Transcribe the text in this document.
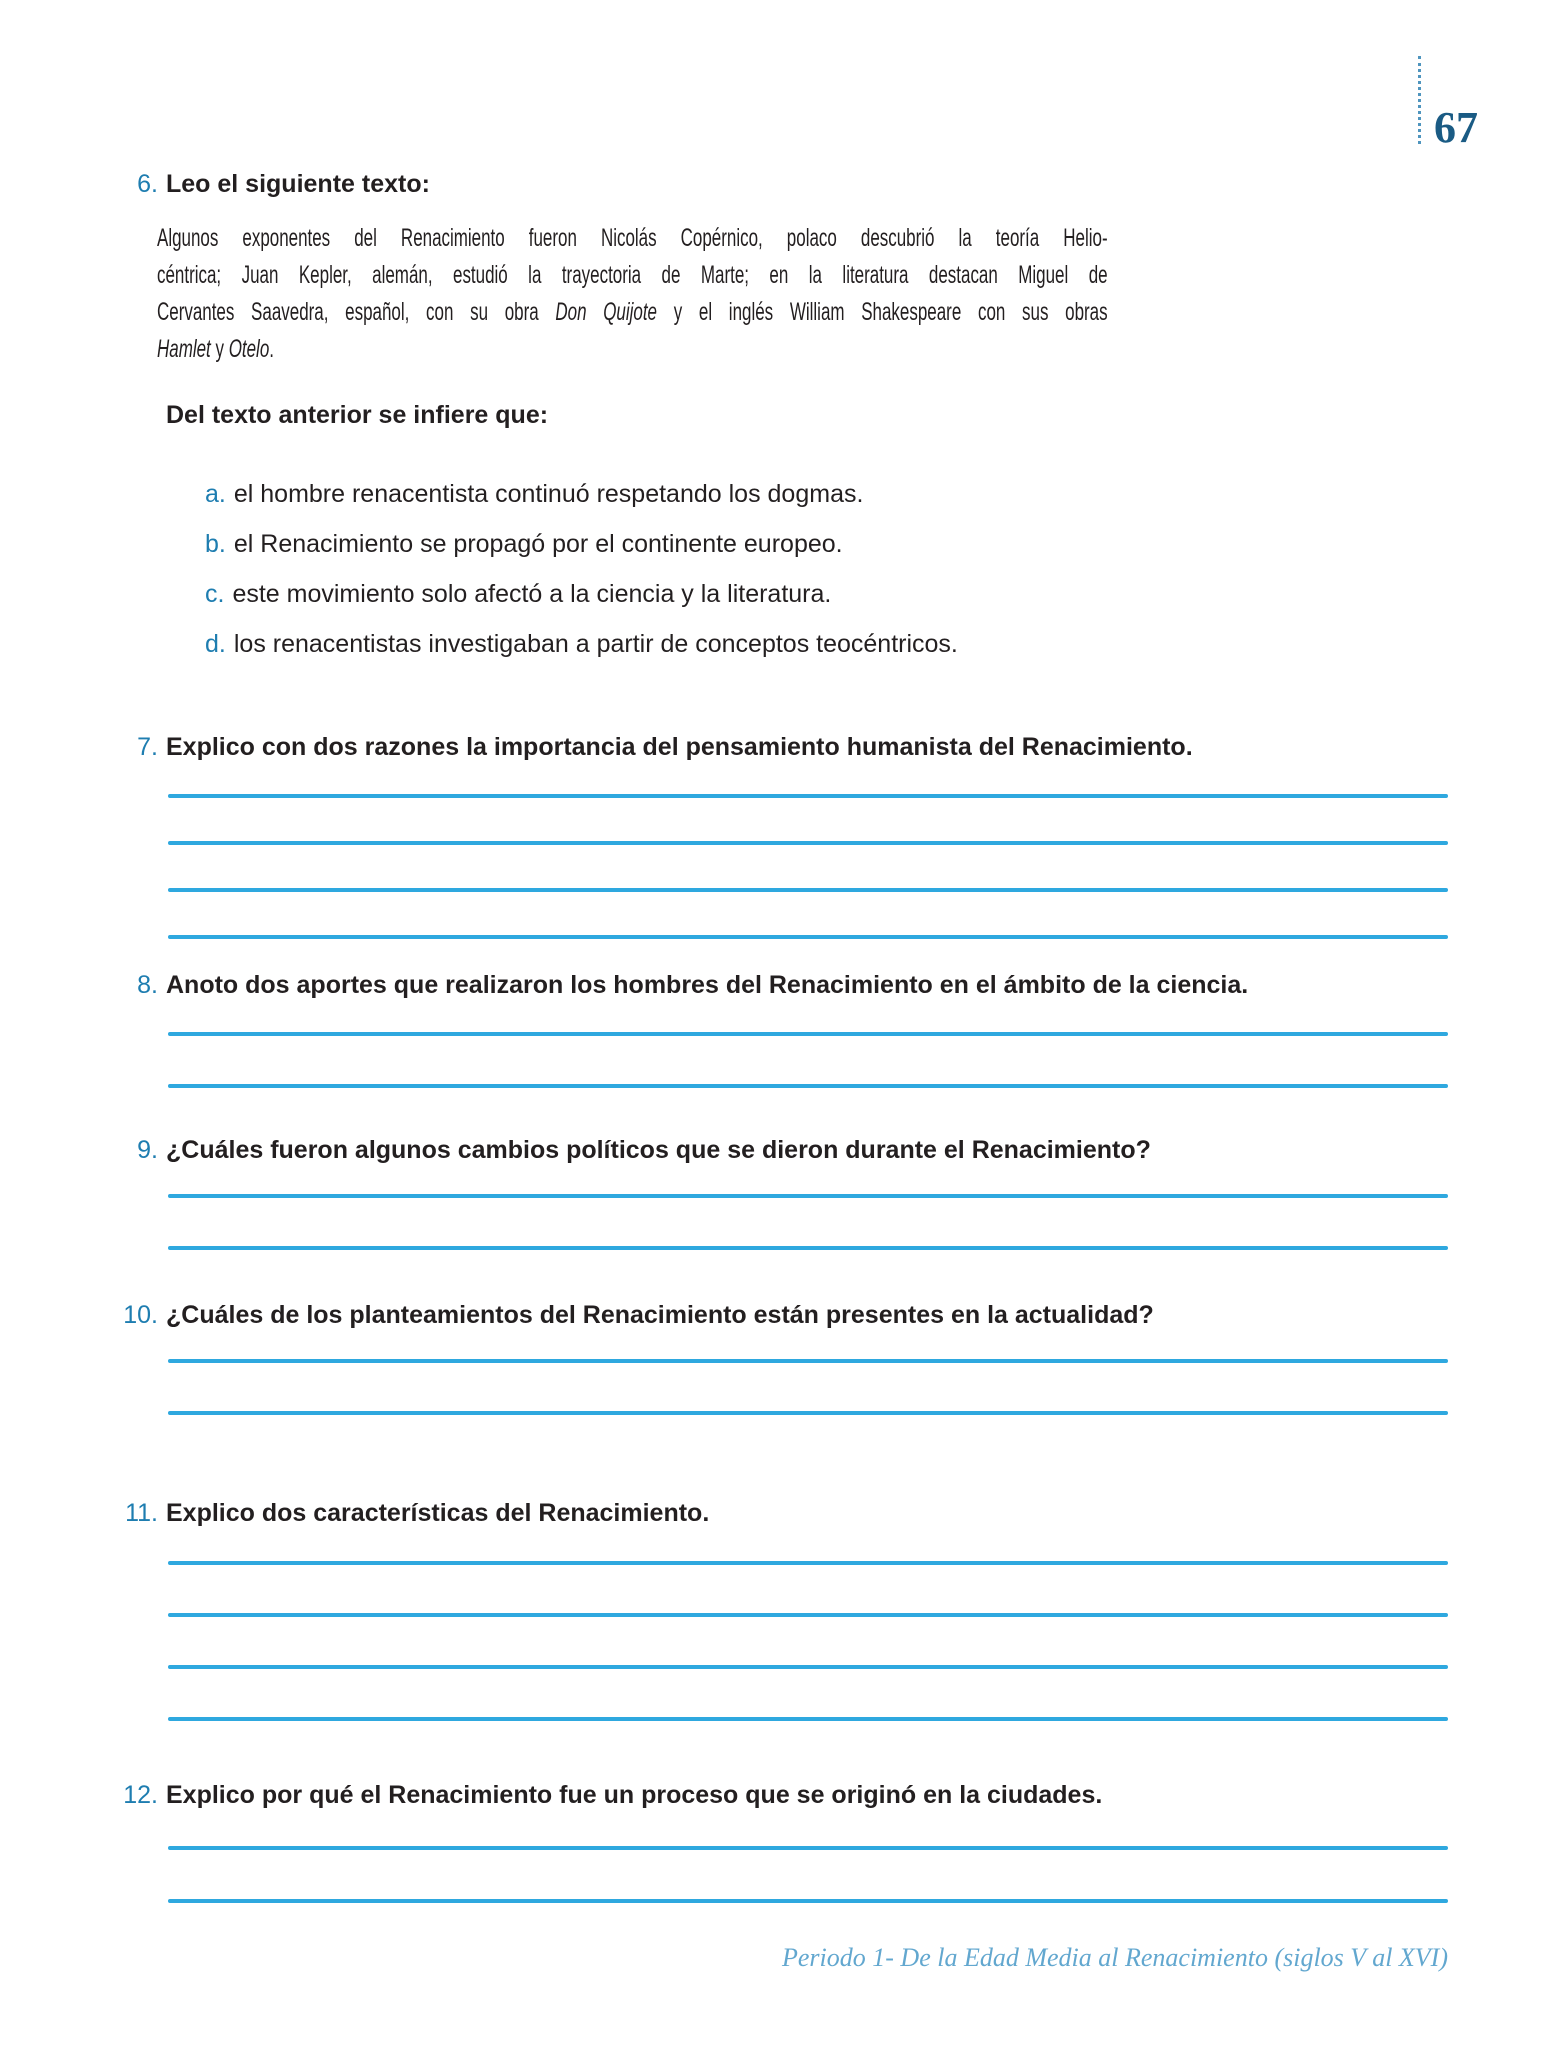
67
6. Leo el siguiente texto:
Algunos exponentes del Renacimiento fueron Nicolás Copérnico, polaco descubrió la teoría Helio-
céntrica; Juan Kepler, alemán, estudió la trayectoria de Marte; en la literatura destacan Miguel de
Cervantes Saavedra, español, con su obra Don Quijote y el inglés William Shakespeare con sus obras
Hamlet y Otelo.
Del texto anterior se infiere que:
a. el hombre renacentista continuó respetando los dogmas.
b. el Renacimiento se propagó por el continente europeo.
c. este movimiento solo afectó a la ciencia y la literatura.
d. los renacentistas investigaban a partir de conceptos teocéntricos.
7. Explico con dos razones la importancia del pensamiento humanista del Renacimiento.
8. Anoto dos aportes que realizaron los hombres del Renacimiento en el ámbito de la ciencia.
9. ¿Cuáles fueron algunos cambios políticos que se dieron durante el Renacimiento?
10. ¿Cuáles de los planteamientos del Renacimiento están presentes en la actualidad?
11. Explico dos características del Renacimiento.
12. Explico por qué el Renacimiento fue un proceso que se originó en la ciudades.
Periodo 1- De la Edad Media al Renacimiento (siglos V al XVI)
